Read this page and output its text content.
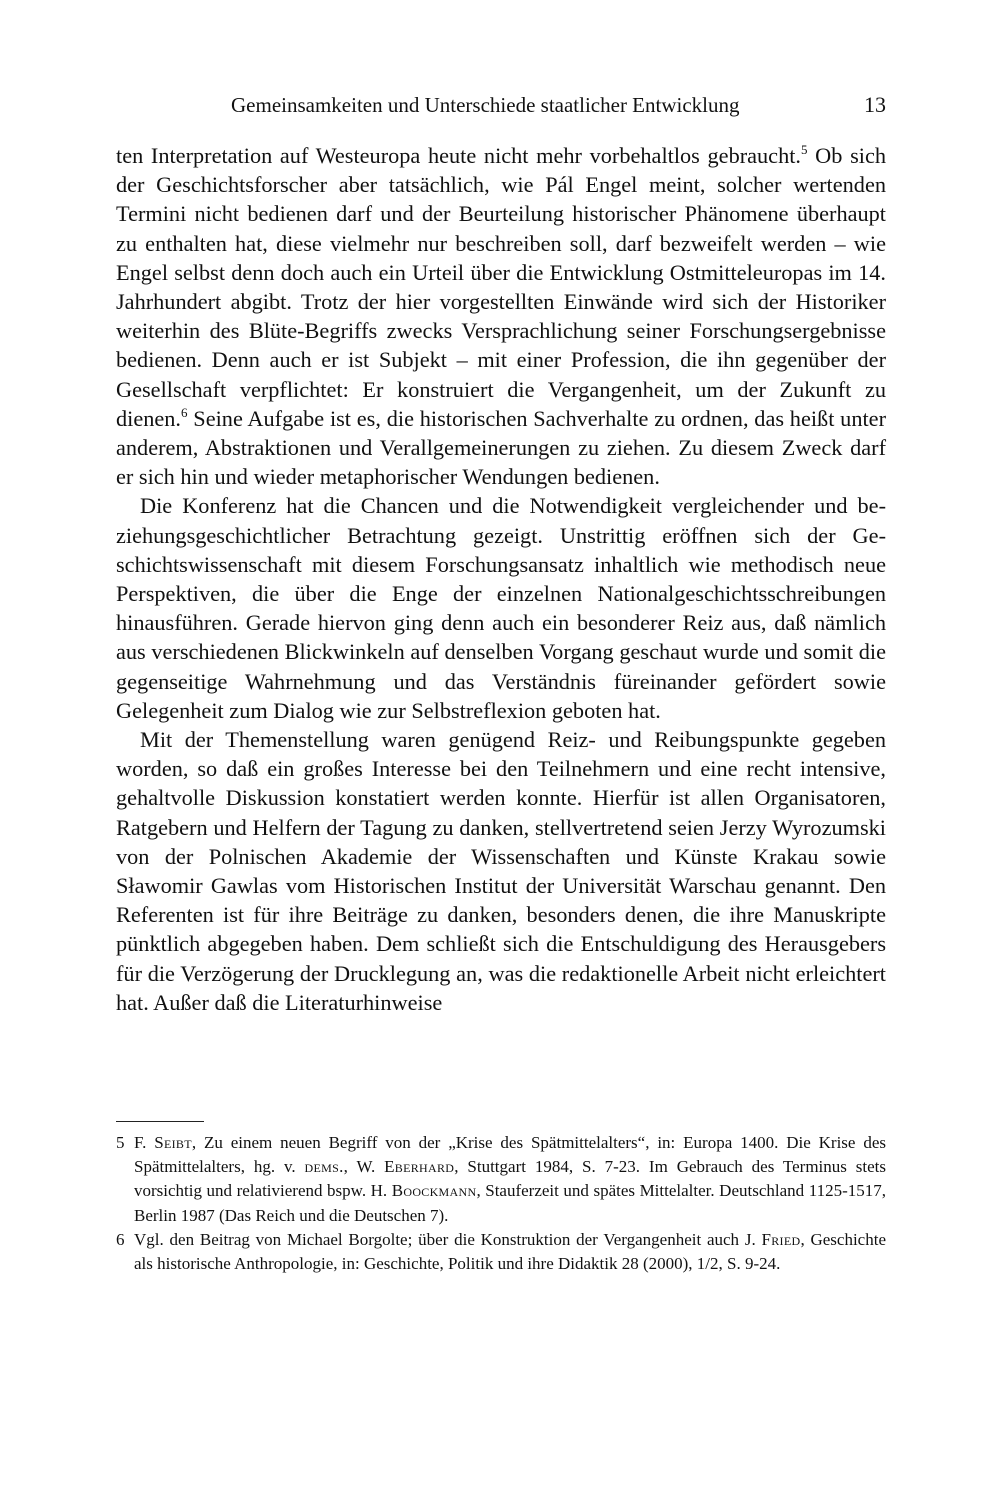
Gemeinsamkeiten und Unterschiede staatlicher Entwicklung	13

ten Interpretation auf Westeuropa heute nicht mehr vorbehaltlos gebraucht.$^5$ Ob sich der Geschichtsforscher aber tatsächlich, wie Pál Engel meint, solcher wertenden Termini nicht bedienen darf und der Beurteilung historischer Phänomene überhaupt zu enthalten hat, diese vielmehr nur beschreiben soll, darf bezweifelt werden – wie Engel selbst denn doch auch ein Urteil über die Entwicklung Ostmitteleuropas im 14. Jahrhundert abgibt. Trotz der hier vorgestellten Einwände wird sich der Historiker weiterhin des Blüte-Begriffs zwecks Versprachlichung seiner Forschungsergebnisse bedienen. Denn auch er ist Subjekt – mit einer Profession, die ihn gegenüber der Gesellschaft verpflichtet: Er konstruiert die Vergangenheit, um der Zukunft zu dienen.$^6$ Seine Aufgabe ist es, die historischen Sachverhalte zu ordnen, das heißt unter anderem, Abstraktionen und Verallgemeinerungen zu ziehen. Zu diesem Zweck darf er sich hin und wieder metaphorischer Wendungen bedienen.

Die Konferenz hat die Chancen und die Notwendigkeit vergleichender und beziehungsgeschichtlicher Betrachtung gezeigt. Unstrittig eröffnen sich der Geschichtswissenschaft mit diesem Forschungsansatz inhaltlich wie methodisch neue Perspektiven, die über die Enge der einzelnen Nationalgeschichtsschreibungen hinausführen. Gerade hiervon ging denn auch ein besonderer Reiz aus, daß nämlich aus verschiedenen Blickwinkeln auf denselben Vorgang geschaut wurde und somit die gegenseitige Wahrnehmung und das Verständnis füreinander gefördert sowie Gelegenheit zum Dialog wie zur Selbstreflexion geboten hat.

Mit der Themenstellung waren genügend Reiz- und Reibungspunkte gegeben worden, so daß ein großes Interesse bei den Teilnehmern und eine recht intensive, gehaltvolle Diskussion konstatiert werden konnte. Hierfür ist allen Organisatoren, Ratgebern und Helfern der Tagung zu danken, stellvertretend seien Jerzy Wyrozumski von der Polnischen Akademie der Wissenschaften und Künste Krakau sowie Sławomir Gawlas vom Historischen Institut der Universität Warschau genannt. Den Referenten ist für ihre Beiträge zu danken, besonders denen, die ihre Manuskripte pünktlich abgegeben haben. Dem schließt sich die Entschuldigung des Herausgebers für die Verzögerung der Drucklegung an, was die redaktionelle Arbeit nicht erleichtert hat. Außer daß die Literaturhinweise

5 F. Seibt, Zu einem neuen Begriff von der „Krise des Spätmittelalters“, in: Europa 1400. Die Krise des Spätmittelalters, hg. v. dems., W. Eberhard, Stuttgart 1984, S. 7-23. Im Gebrauch des Terminus stets vorsichtig und relativierend bspw. H. Boockmann, Stauferzeit und spätes Mittelalter. Deutschland 1125-1517, Berlin 1987 (Das Reich und die Deutschen 7).
6 Vgl. den Beitrag von Michael Borgolte; über die Konstruktion der Vergangenheit auch J. Fried, Geschichte als historische Anthropologie, in: Geschichte, Politik und ihre Didaktik 28 (2000), 1/2, S. 9-24.
